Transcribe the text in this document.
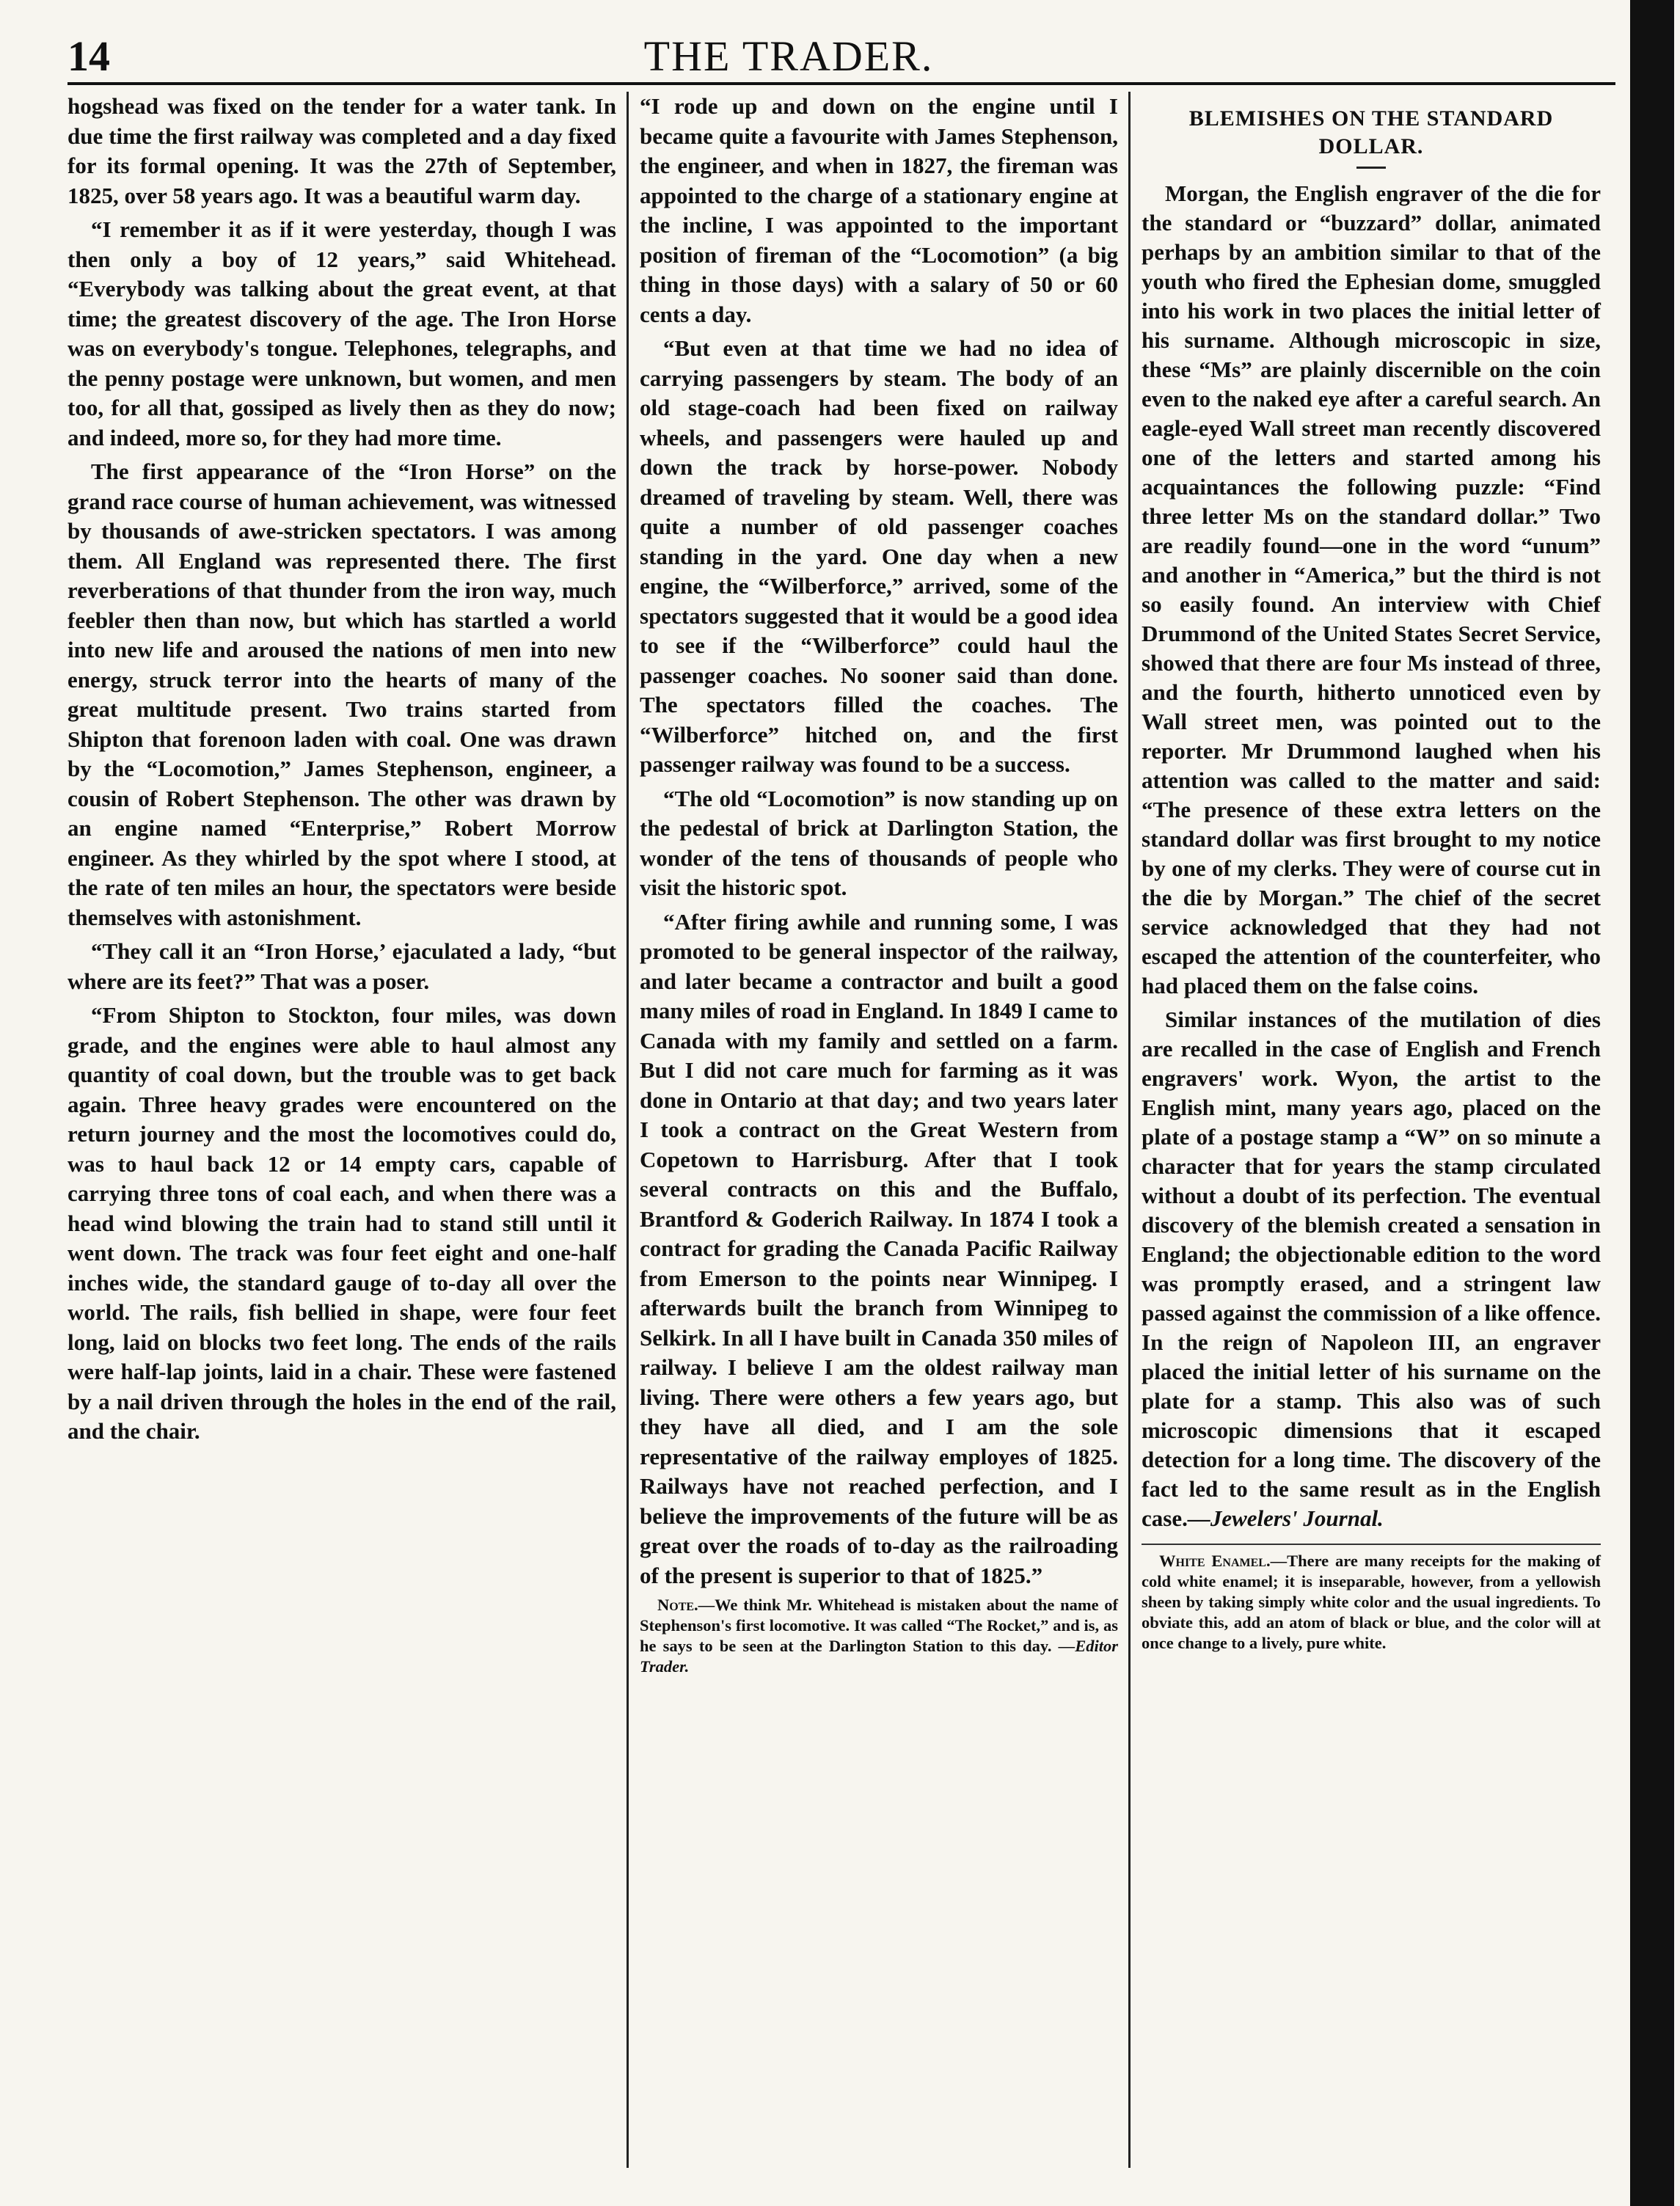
14	THE TRADER.

hogshead was fixed on the tender for a water tank. In due time the first railway was completed and a day fixed for its formal opening. It was the 27th of September, 1825, over 58 years ago. It was a beautiful warm day.

“I remember it as if it were yesterday, though I was then only a boy of 12 years,” said Whitehead. “Everybody was talking about the great event, at that time; the greatest discovery of the age. The Iron Horse was on everybody's tongue. Telephones, telegraphs, and the penny postage were unknown, but women, and men too, for all that, gossiped as lively then as they do now; and indeed, more so, for they had more time.

The first appearance of the “Iron Horse” on the grand race course of human achievement, was witnessed by thousands of awe-stricken spectators. I was among them. All England was represented there. The first reverberations of that thunder from the iron way, much feebler then than now, but which has startled a world into new life and aroused the nations of men into new energy, struck terror into the hearts of many of the great multitude present. Two trains started from Shipton that forenoon laden with coal. One was drawn by the “Locomotion,” James Stephenson, engineer, a cousin of Robert Stephenson. The other was drawn by an engine named “Enterprise,” Robert Morrow engineer. As they whirled by the spot where I stood, at the rate of ten miles an hour, the spectators were beside themselves with astonishment.

“They call it an “Iron Horse,’ ejaculated a lady, “but where are its feet?” That was a poser.

“From Shipton to Stockton, four miles, was down grade, and the engines were able to haul almost any quantity of coal down, but the trouble was to get back again. Three heavy grades were encountered on the return journey and the most the locomotives could do, was to haul back 12 or 14 empty cars, capable of carrying three tons of coal each, and when there was a head wind blowing the train had to stand still until it went down. The track was four feet eight and one-half inches wide, the standard gauge of to-day all over the world. The rails, fish bellied in shape, were four feet long, laid on blocks two feet long. The ends of the rails were half-lap joints, laid in a chair. These were fastened by a nail driven through the holes in the end of the rail, and the chair.

“I rode up and down on the engine until I became quite a favourite with James Stephenson, the engineer, and when in 1827, the fireman was appointed to the charge of a stationary engine at the incline, I was appointed to the important position of fireman of the “Locomotion” (a big thing in those days) with a salary of 50 or 60 cents a day.

“But even at that time we had no idea of carrying passengers by steam. The body of an old stage-coach had been fixed on railway wheels, and passengers were hauled up and down the track by horse-power. Nobody dreamed of traveling by steam. Well, there was quite a number of old passenger coaches standing in the yard. One day when a new engine, the “Wilberforce,” arrived, some of the spectators suggested that it would be a good idea to see if the “Wilberforce” could haul the passenger coaches. No sooner said than done. The spectators filled the coaches. The “Wilberforce” hitched on, and the first passenger railway was found to be a success.

“The old “Locomotion” is now standing up on the pedestal of brick at Darlington Station, the wonder of the tens of thousands of people who visit the historic spot.

“After firing awhile and running some, I was promoted to be general inspector of the railway, and later became a contractor and built a good many miles of road in England. In 1849 I came to Canada with my family and settled on a farm. But I did not care much for farming as it was done in Ontario at that day; and two years later I took a contract on the Great Western from Copetown to Harrisburg. After that I took several contracts on this and the Buffalo, Brantford & Goderich Railway. In 1874 I took a contract for grading the Canada Pacific Railway from Emerson to the points near Winnipeg. I afterwards built the branch from Winnipeg to Selkirk. In all I have built in Canada 350 miles of railway. I believe I am the oldest railway man living. There were others a few years ago, but they have all died, and I am the sole representative of the railway employes of 1825. Railways have not reached perfection, and I believe the improvements of the future will be as great over the roads of to-day as the railroading of the present is superior to that of 1825.”

Note.—We think Mr. Whitehead is mistaken about the name of Stephenson's first locomotive. It was called “The Rocket,” and is, as he says to be seen at the Darlington Station to this day. —Editor Trader.

BLEMISHES ON THE STANDARD DOLLAR.

Morgan, the English engraver of the die for the standard or “buzzard” dollar, animated perhaps by an ambition similar to that of the youth who fired the Ephesian dome, smuggled into his work in two places the initial letter of his surname. Although microscopic in size, these “Ms” are plainly discernible on the coin even to the naked eye after a careful search. An eagle-eyed Wall street man recently discovered one of the letters and started among his acquaintances the following puzzle: “Find three letter Ms on the standard dollar.” Two are readily found—one in the word “unum” and another in “America,” but the third is not so easily found. An interview with Chief Drummond of the United States Secret Service, showed that there are four Ms instead of three, and the fourth, hitherto unnoticed even by Wall street men, was pointed out to the reporter. Mr Drummond laughed when his attention was called to the matter and said: “The presence of these extra letters on the standard dollar was first brought to my notice by one of my clerks. They were of course cut in the die by Morgan.” The chief of the secret service acknowledged that they had not escaped the attention of the counterfeiter, who had placed them on the false coins.

Similar instances of the mutilation of dies are recalled in the case of English and French engravers' work. Wyon, the artist to the English mint, many years ago, placed on the plate of a postage stamp a “W” on so minute a character that for years the stamp circulated without a doubt of its perfection. The eventual discovery of the blemish created a sensation in England; the objectionable edition to the word was promptly erased, and a stringent law passed against the commission of a like offence. In the reign of Napoleon III, an engraver placed the initial letter of his surname on the plate for a stamp. This also was of such microscopic dimensions that it escaped detection for a long time. The discovery of the fact led to the same result as in the English case.—Jewelers' Journal.

White Enamel.—There are many receipts for the making of cold white enamel; it is inseparable, however, from a yellowish sheen by taking simply white color and the usual ingredients. To obviate this, add an atom of black or blue, and the color will at once change to a lively, pure white.
